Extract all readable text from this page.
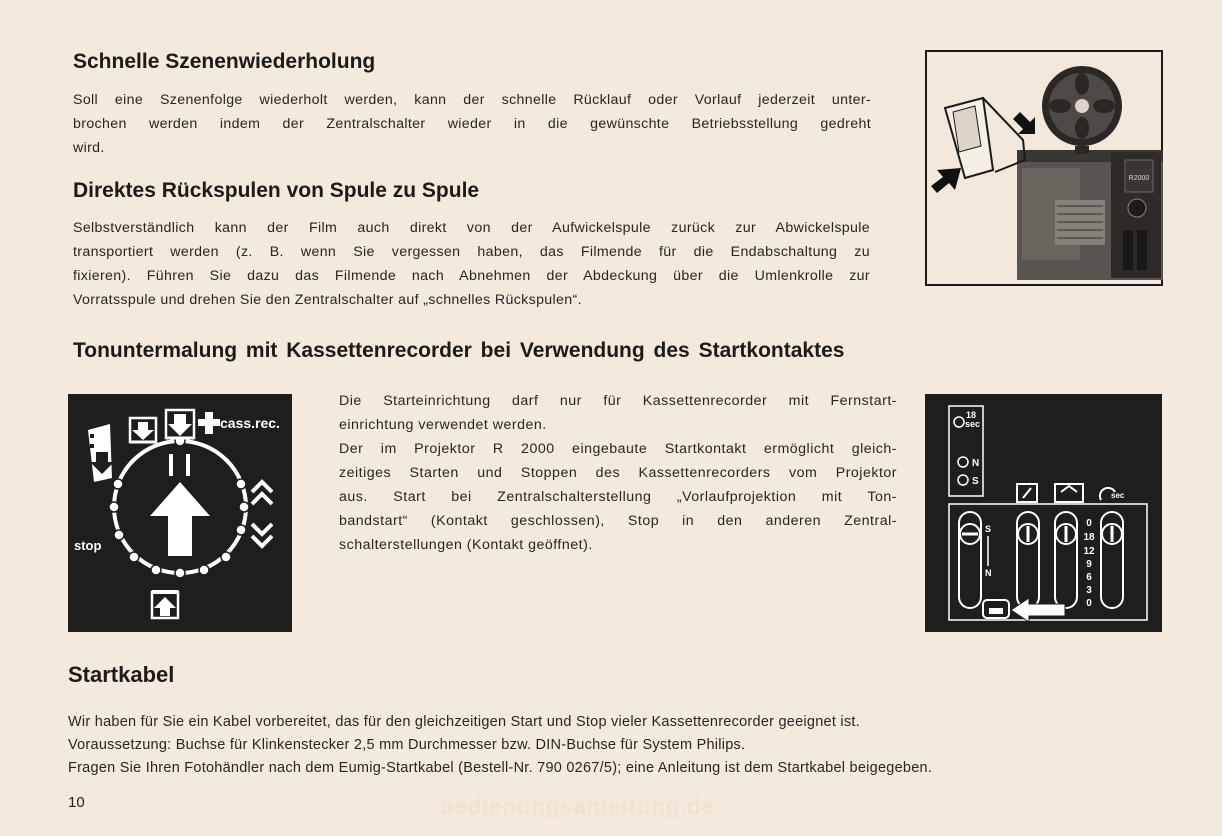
Schnelle Szenenwiederholung
Soll eine Szenenfolge wiederholt werden, kann der schnelle Rücklauf oder Vorlauf jederzeit unter-
brochen werden indem der Zentralschalter wieder in die gewünschte Betriebsstellung gedreht
wird.
Direktes Rückspulen von Spule zu Spule
Selbstverständlich kann der Film auch direkt von der Aufwickelspule zurück zur Abwickelspule
transportiert werden (z. B. wenn Sie vergessen haben, das Filmende für die Endabschaltung zu
fixieren). Führen Sie dazu das Filmende nach Abnehmen der Abdeckung über die Umlenkrolle zur
Vorratsspule und drehen Sie den Zentralschalter auf „schnelles Rückspulen“.
R2000
Tonuntermalung mit Kassettenrecorder bei Verwendung des Startkontaktes
cass.rec.
stop
Die Starteinrichtung darf nur für Kassettenrecorder mit Fernstart-
einrichtung verwendet werden.
Der im Projektor R 2000 eingebaute Startkontakt ermöglicht gleich-
zeitiges Starten und Stoppen des Kassettenrecorders vom Projektor
aus. Start bei Zentralschalterstellung „Vorlaufprojektion mit Ton-
bandstart“ (Kontakt geschlossen), Stop in den anderen Zentral-
schalterstellungen (Kontakt geöffnet).
18
sec
N
S
sec
S
N
0
18
12
9
6
3
0
Startkabel
Wir haben für Sie ein Kabel vorbereitet, das für den gleichzeitigen Start und Stop vieler Kassettenrecorder geeignet ist.
Voraussetzung: Buchse für Klinkenstecker 2,5 mm Durchmesser bzw. DIN-Buchse für System Philips.
Fragen Sie Ihren Fotohändler nach dem Eumig-Startkabel (Bestell-Nr. 790 0267/5); eine Anleitung ist dem Startkabel beigegeben.
10	bedienungsanleitung.de
